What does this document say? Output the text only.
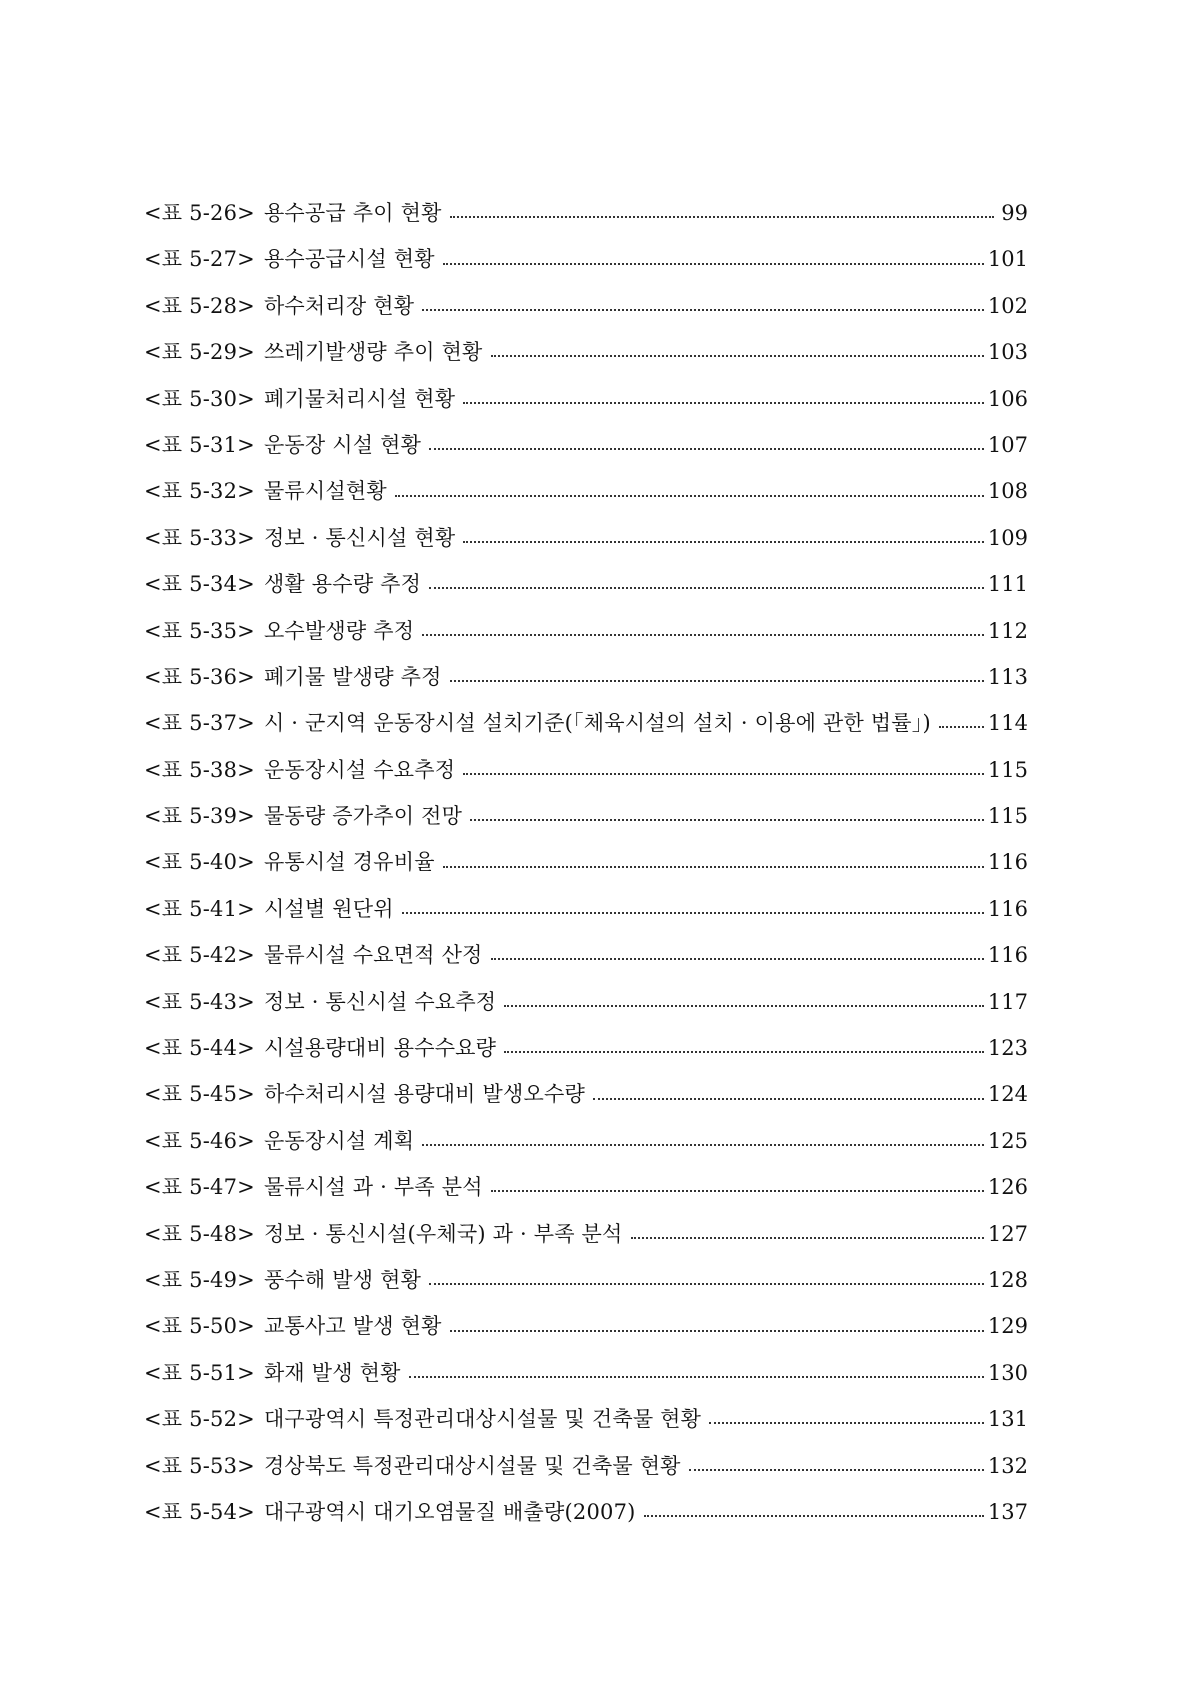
<표 5-26> 용수공급 추이 현황	99
<표 5-27> 용수공급시설 현황	101
<표 5-28> 하수처리장 현황	102
<표 5-29> 쓰레기발생량 추이 현황	103
<표 5-30> 폐기물처리시설 현황	106
<표 5-31> 운동장 시설 현황	107
<표 5-32> 물류시설현황	108
<표 5-33> 정보 · 통신시설 현황	109
<표 5-34> 생활 용수량 추정	111
<표 5-35> 오수발생량 추정	112
<표 5-36> 폐기물 발생량 추정	113
<표 5-37> 시 · 군지역 운동장시설 설치기준(「체육시설의 설치 · 이용에 관한 법률」)	114
<표 5-38> 운동장시설 수요추정	115
<표 5-39> 물동량 증가추이 전망	115
<표 5-40> 유통시설 경유비율	116
<표 5-41> 시설별 원단위	116
<표 5-42> 물류시설 수요면적 산정	116
<표 5-43> 정보 · 통신시설 수요추정	117
<표 5-44> 시설용량대비 용수수요량	123
<표 5-45> 하수처리시설 용량대비 발생오수량	124
<표 5-46> 운동장시설 계획	125
<표 5-47> 물류시설 과 · 부족 분석	126
<표 5-48> 정보 · 통신시설(우체국) 과 · 부족 분석	127
<표 5-49> 풍수해 발생 현황	128
<표 5-50> 교통사고 발생 현황	129
<표 5-51> 화재 발생 현황	130
<표 5-52> 대구광역시 특정관리대상시설물 및 건축물 현황	131
<표 5-53> 경상북도 특정관리대상시설물 및 건축물 현황	132
<표 5-54> 대구광역시 대기오염물질 배출량(2007)	137
